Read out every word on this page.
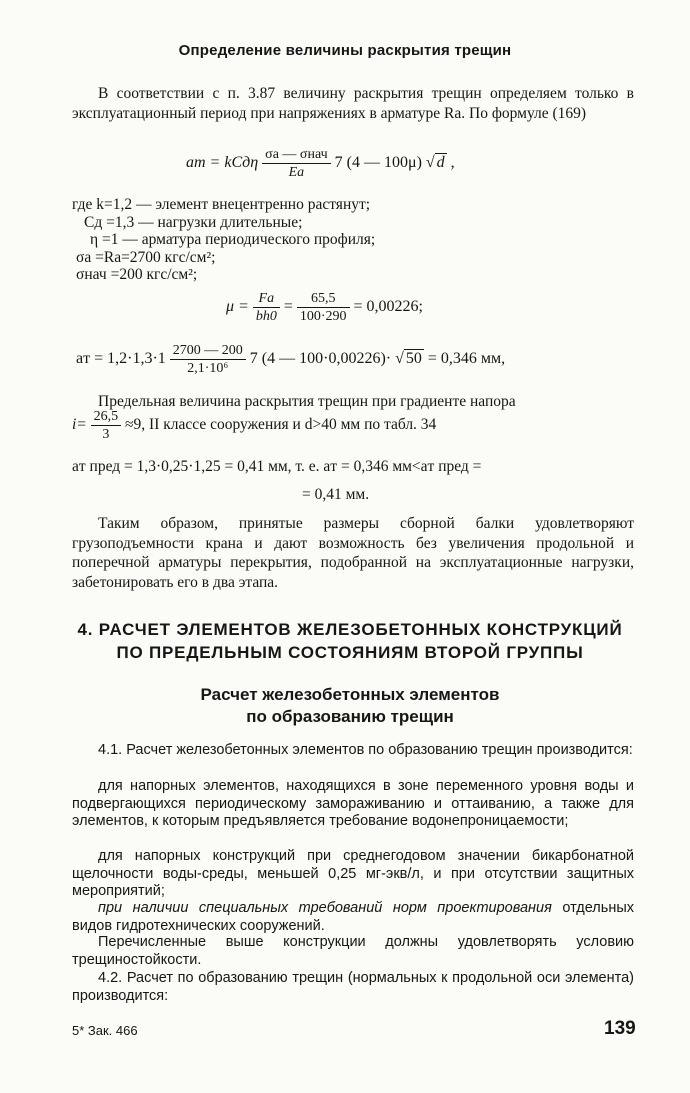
Определение величины раскрытия трещин

В соответствии с п. 3.87 величину раскрытия трещин определяем только в эксплуатационный период при напряжениях в арматуре Ra. По формуле (169)

aт = kCдη $\frac{\text{σa — σнач}}{Ea} 7$ (4 — 100μ) √ d ,
где k=1,2 — элемент внецентренно растянут;
Cд =1,3 — нагрузки длительные;
η =1 — арматура периодического профиля;
σa =Ra=2700 кгс/см²;
σнач =200 кгс/см²;
$\mu = \frac{Fa}{bh0} = \frac{65,5}{100\cdot 290} = 0,00226$;
aт = $1,2\cdot 1,3\cdot 1 \frac{2700 — 200}{\text{2,1·10⁶}} 7$ (4 — 100·0,00226)· √ 50 = 0,346 мм,

Предельная величина раскрытия трещин при градиенте напора

$i= \frac{26,5}{3} \approx 9$, II классе сооружения и d>40 мм по табл. 34
aт пред = 1,3·0,25·1,25 = 0,41 мм, т. е. aт = 0,346 мм<aт пред =
= 0,41 мм.

Таким образом, принятые размеры сборной балки удовлетворяют грузоподъемности крана и дают возможность без увеличения продольной и поперечной арматуры перекрытия, подобранной на эксплуатационные нагрузки, забетонировать его в два этапа.

4. РАСЧЕТ ЭЛЕМЕНТОВ ЖЕЛЕЗОБЕТОННЫХ КОНСТРУКЦИЙ
ПО ПРЕДЕЛЬНЫМ СОСТОЯНИЯМ ВТОРОЙ ГРУППЫ
Расчет железобетонных элементов
по образованию трещин

4.1. Расчет железобетонных элементов по образованию трещин производится:

для напорных элементов, находящихся в зоне переменного уровня воды и подвергающихся периодическому замораживанию и оттаиванию, а также для элементов, к которым предъявляется требование водонепроницаемости;

для напорных конструкций при среднегодовом значении бикарбонатной щелочности воды-среды, меньшей 0,25 мг-экв/л, и при отсутствии защитных мероприятий;

при наличии специальных требований норм проектирования отдельных видов гидротехнических сооружений.

Перечисленные выше конструкции должны удовлетворять условию трещиностойкости.

4.2. Расчет по образованию трещин (нормальных к продольной оси элемента) производится:

5* Зак. 466	139
